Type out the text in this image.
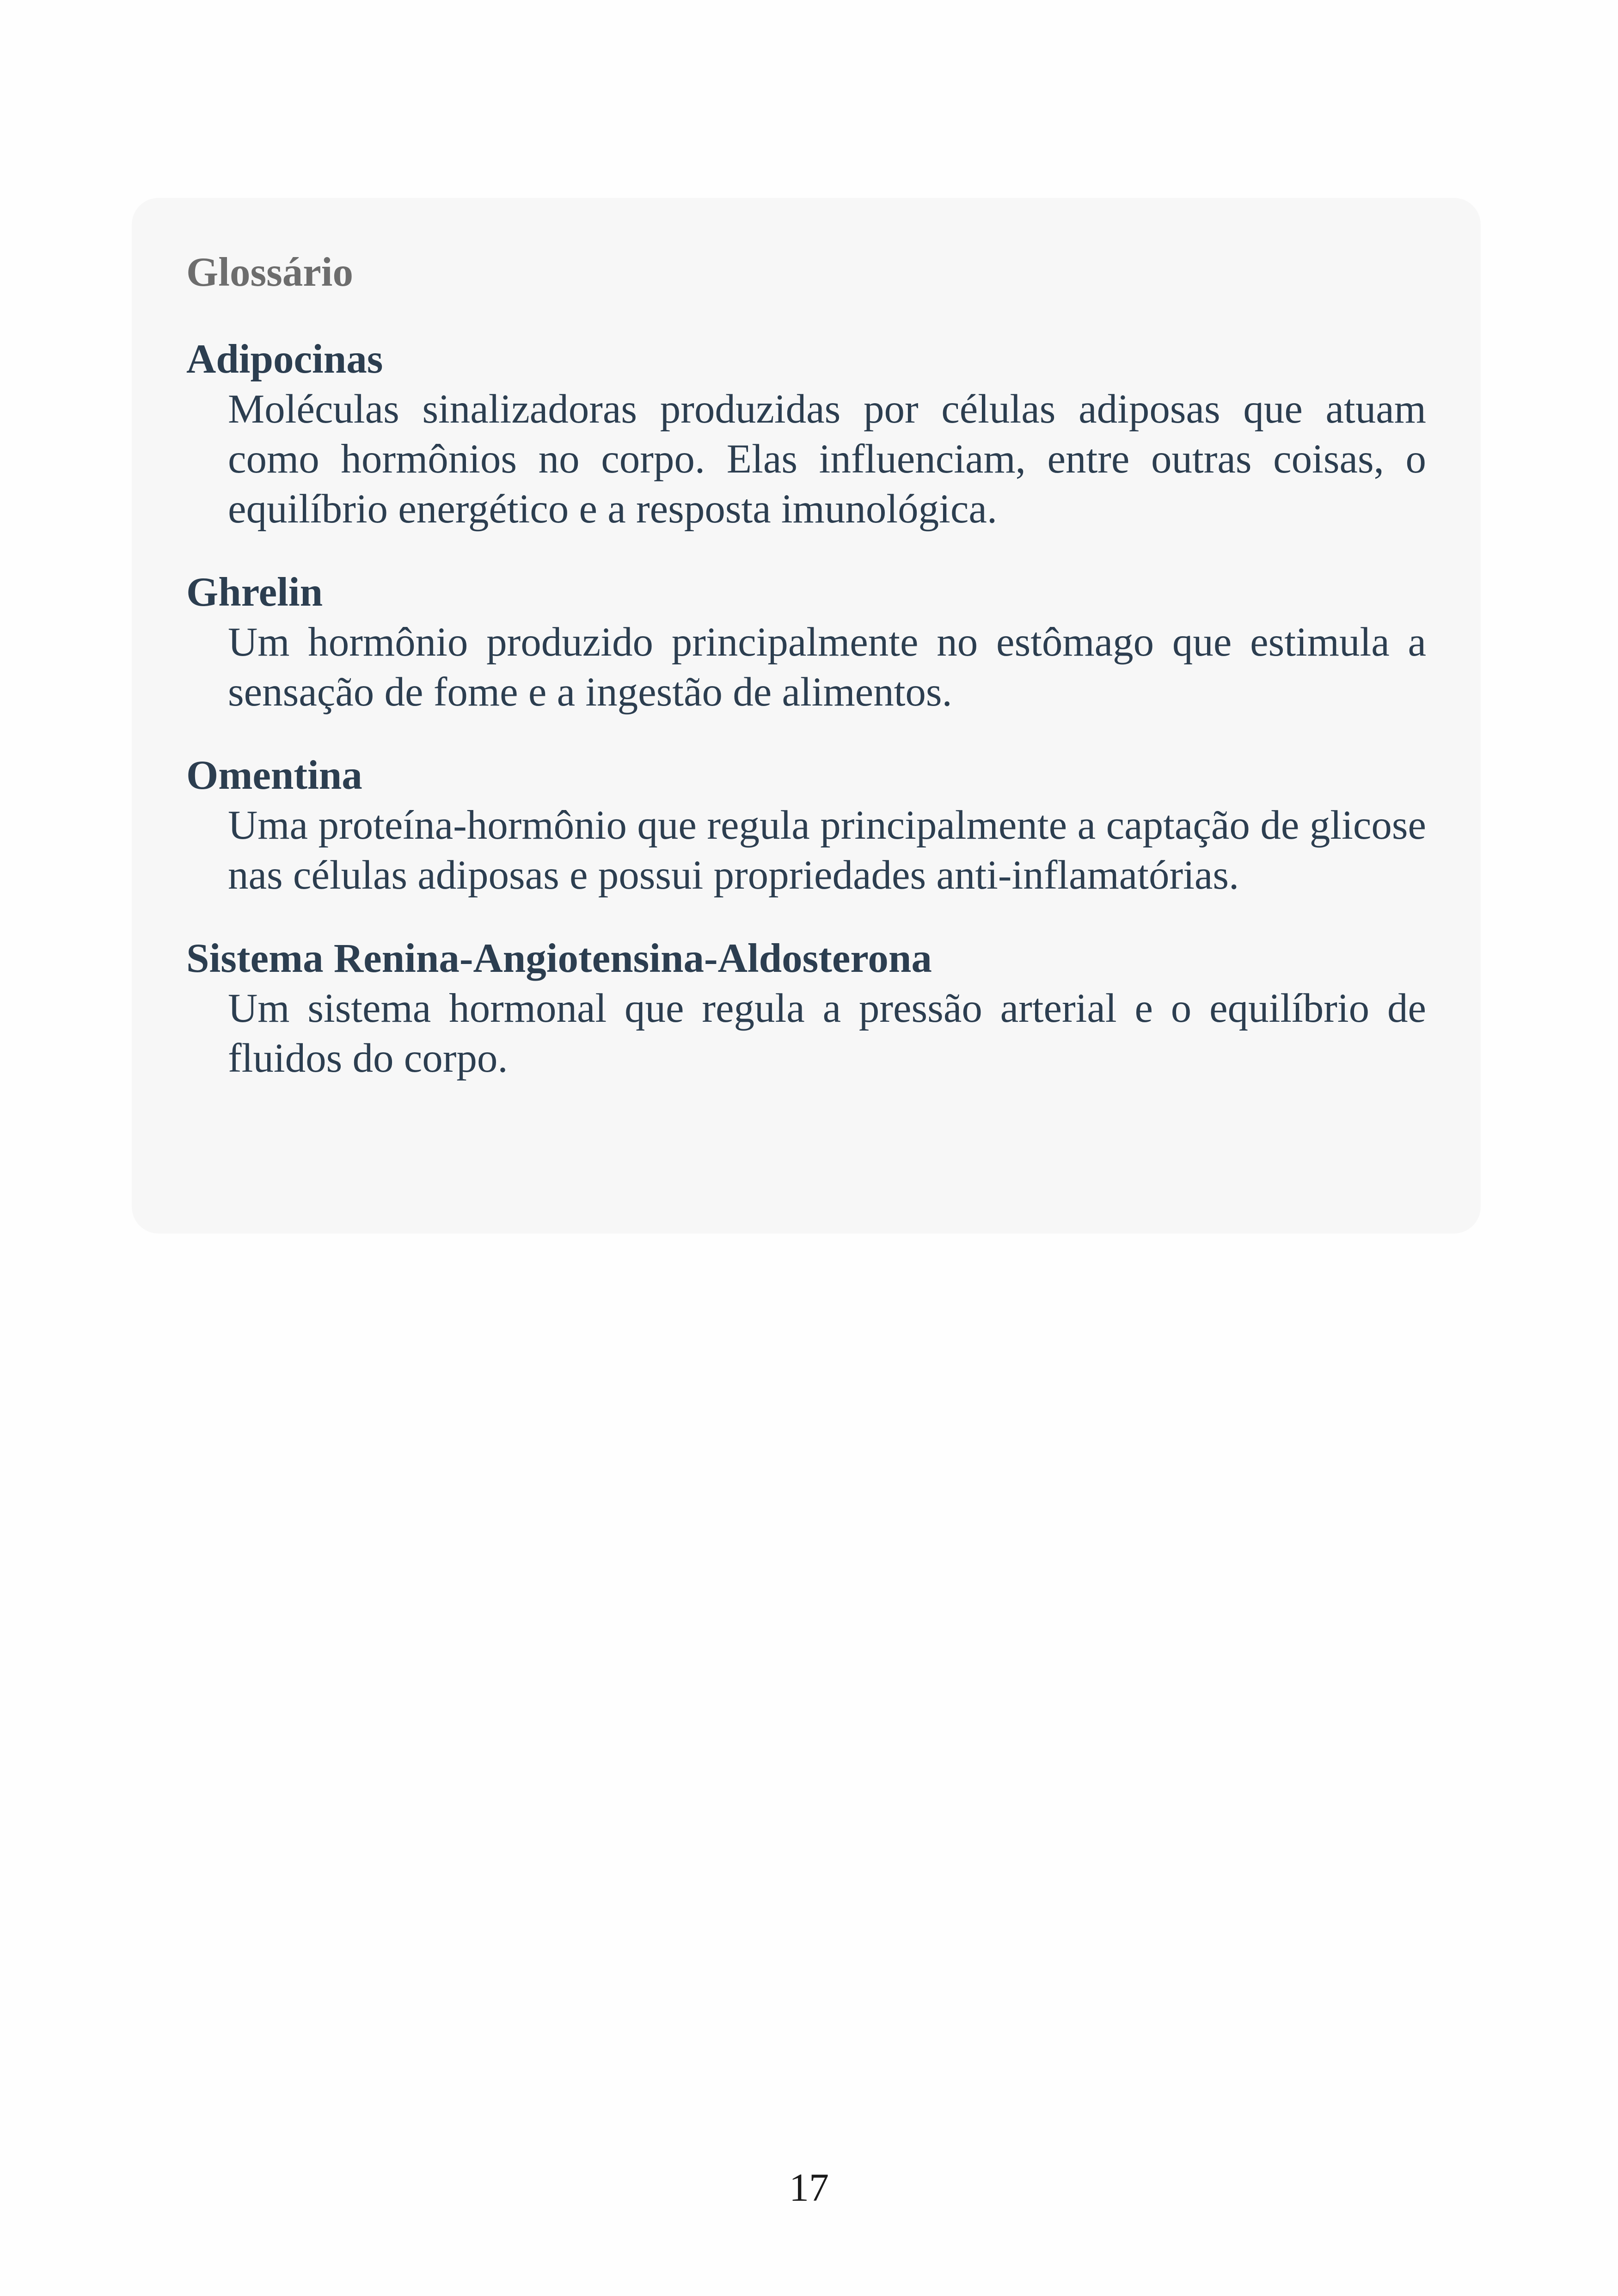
Glossário

Adipocinas

Moléculas sinalizadoras produzidas por células adiposas que atuam como hormônios no corpo. Elas influenciam, entre outras coisas, o equilíbrio energético e a resposta imunológica.

Ghrelin

Um hormônio produzido principalmente no estômago que estimula a sensação de fome e a ingestão de alimentos.

Omentina

Uma proteína-hormônio que regula principalmente a captação de glicose nas células adiposas e possui propriedades anti-inflamatórias.

Sistema Renina-Angiotensina-Aldosterona

Um sistema hormonal que regula a pressão arterial e o equilíbrio de fluidos do corpo.

17
